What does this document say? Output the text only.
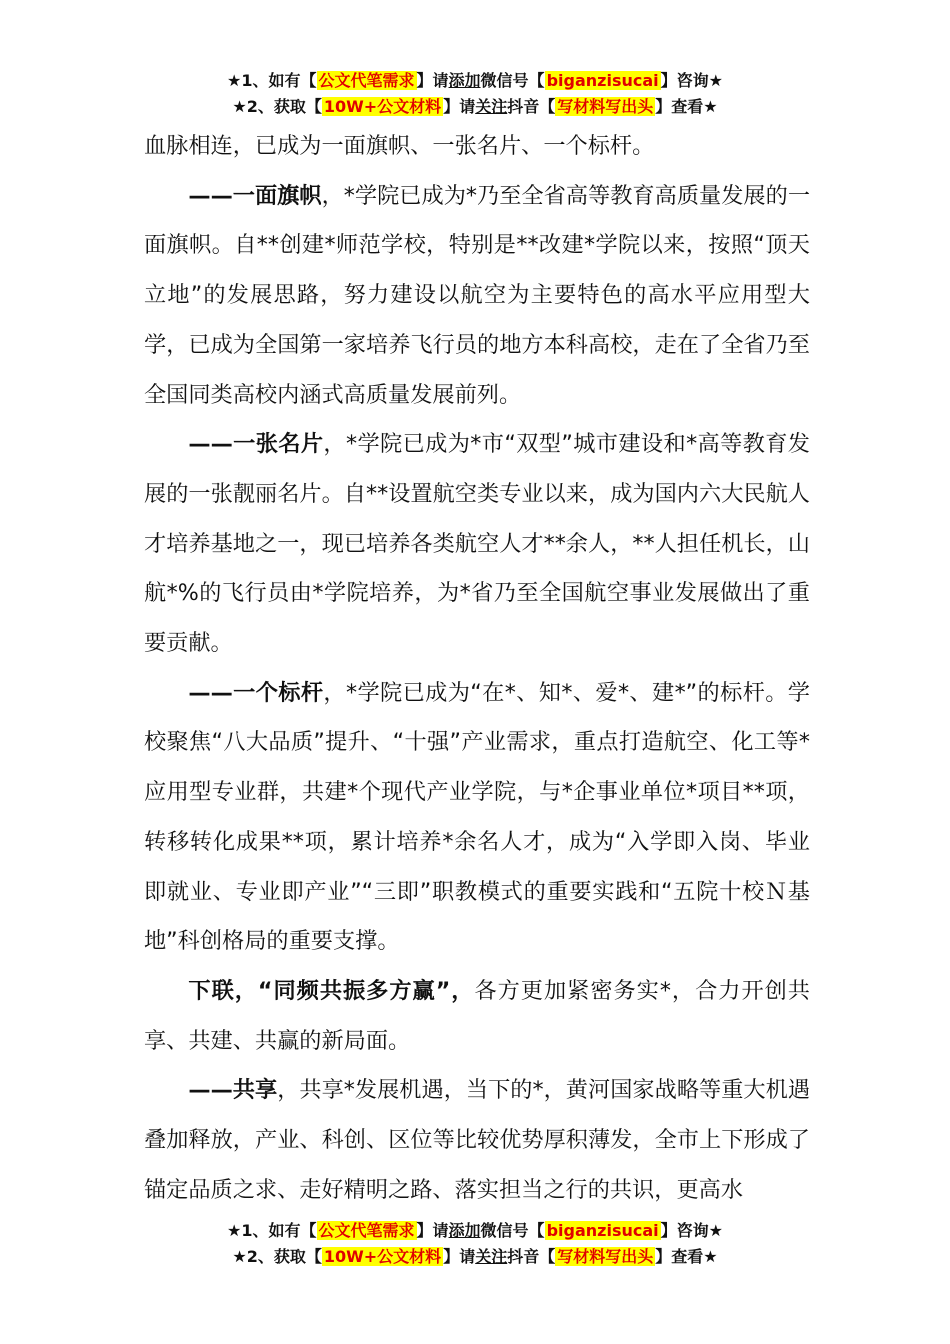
★1、如有【 公文代笔需求 】请添加微信号【 biganzisucai 】咨询★
★2、获取【 10W+公文材料 】请关注抖音【 写材料写出头 】查看★

血脉相连，已成为一面旗帜、一张名片、一个标杆。

——一面旗帜，*学院已成为*乃至全省高等教育高质量发展的一面旗帜。自**创建*师范学校，特别是**改建*学院以来，按照“顶天立地”的发展思路，努力建设以航空为主要特色的高水平应用型大学，已成为全国第一家培养飞行员的地方本科高校，走在了全省乃至全国同类高校内涵式高质量发展前列。

——一张名片，*学院已成为*市“双型”城市建设和*高等教育发展的一张靓丽名片。自**设置航空类专业以来，成为国内六大民航人才培养基地之一，现已培养各类航空人才**余人，**人担任机长，山航*%的飞行员由*学院培养，为*省乃至全国航空事业发展做出了重要贡献。

——一个标杆，*学院已成为“在*、知*、爱*、建*”的标杆。学校聚焦“八大品质”提升、“十强”产业需求，重点打造航空、化工等*应用型专业群，共建*个现代产业学院，与*企事业单位*项目**项，转移转化成果**项，累计培养*余名人才，成为“入学即入岗、毕业即就业、专业即产业”“三即”职教模式的重要实践和“五院十校Ｎ基地”科创格局的重要支撑。

下联，“同频共振多方赢”，各方更加紧密务实*，合力开创共享、共建、共赢的新局面。

——共享，共享*发展机遇，当下的*，黄河国家战略等重大机遇叠加释放，产业、科创、区位等比较优势厚积薄发，全市上下形成了锚定品质之求、走好精明之路、落实担当之行的共识，更高水

★1、如有【 公文代笔需求 】请添加微信号【 biganzisucai 】咨询★
★2、获取【 10W+公文材料 】请关注抖音【 写材料写出头 】查看★
